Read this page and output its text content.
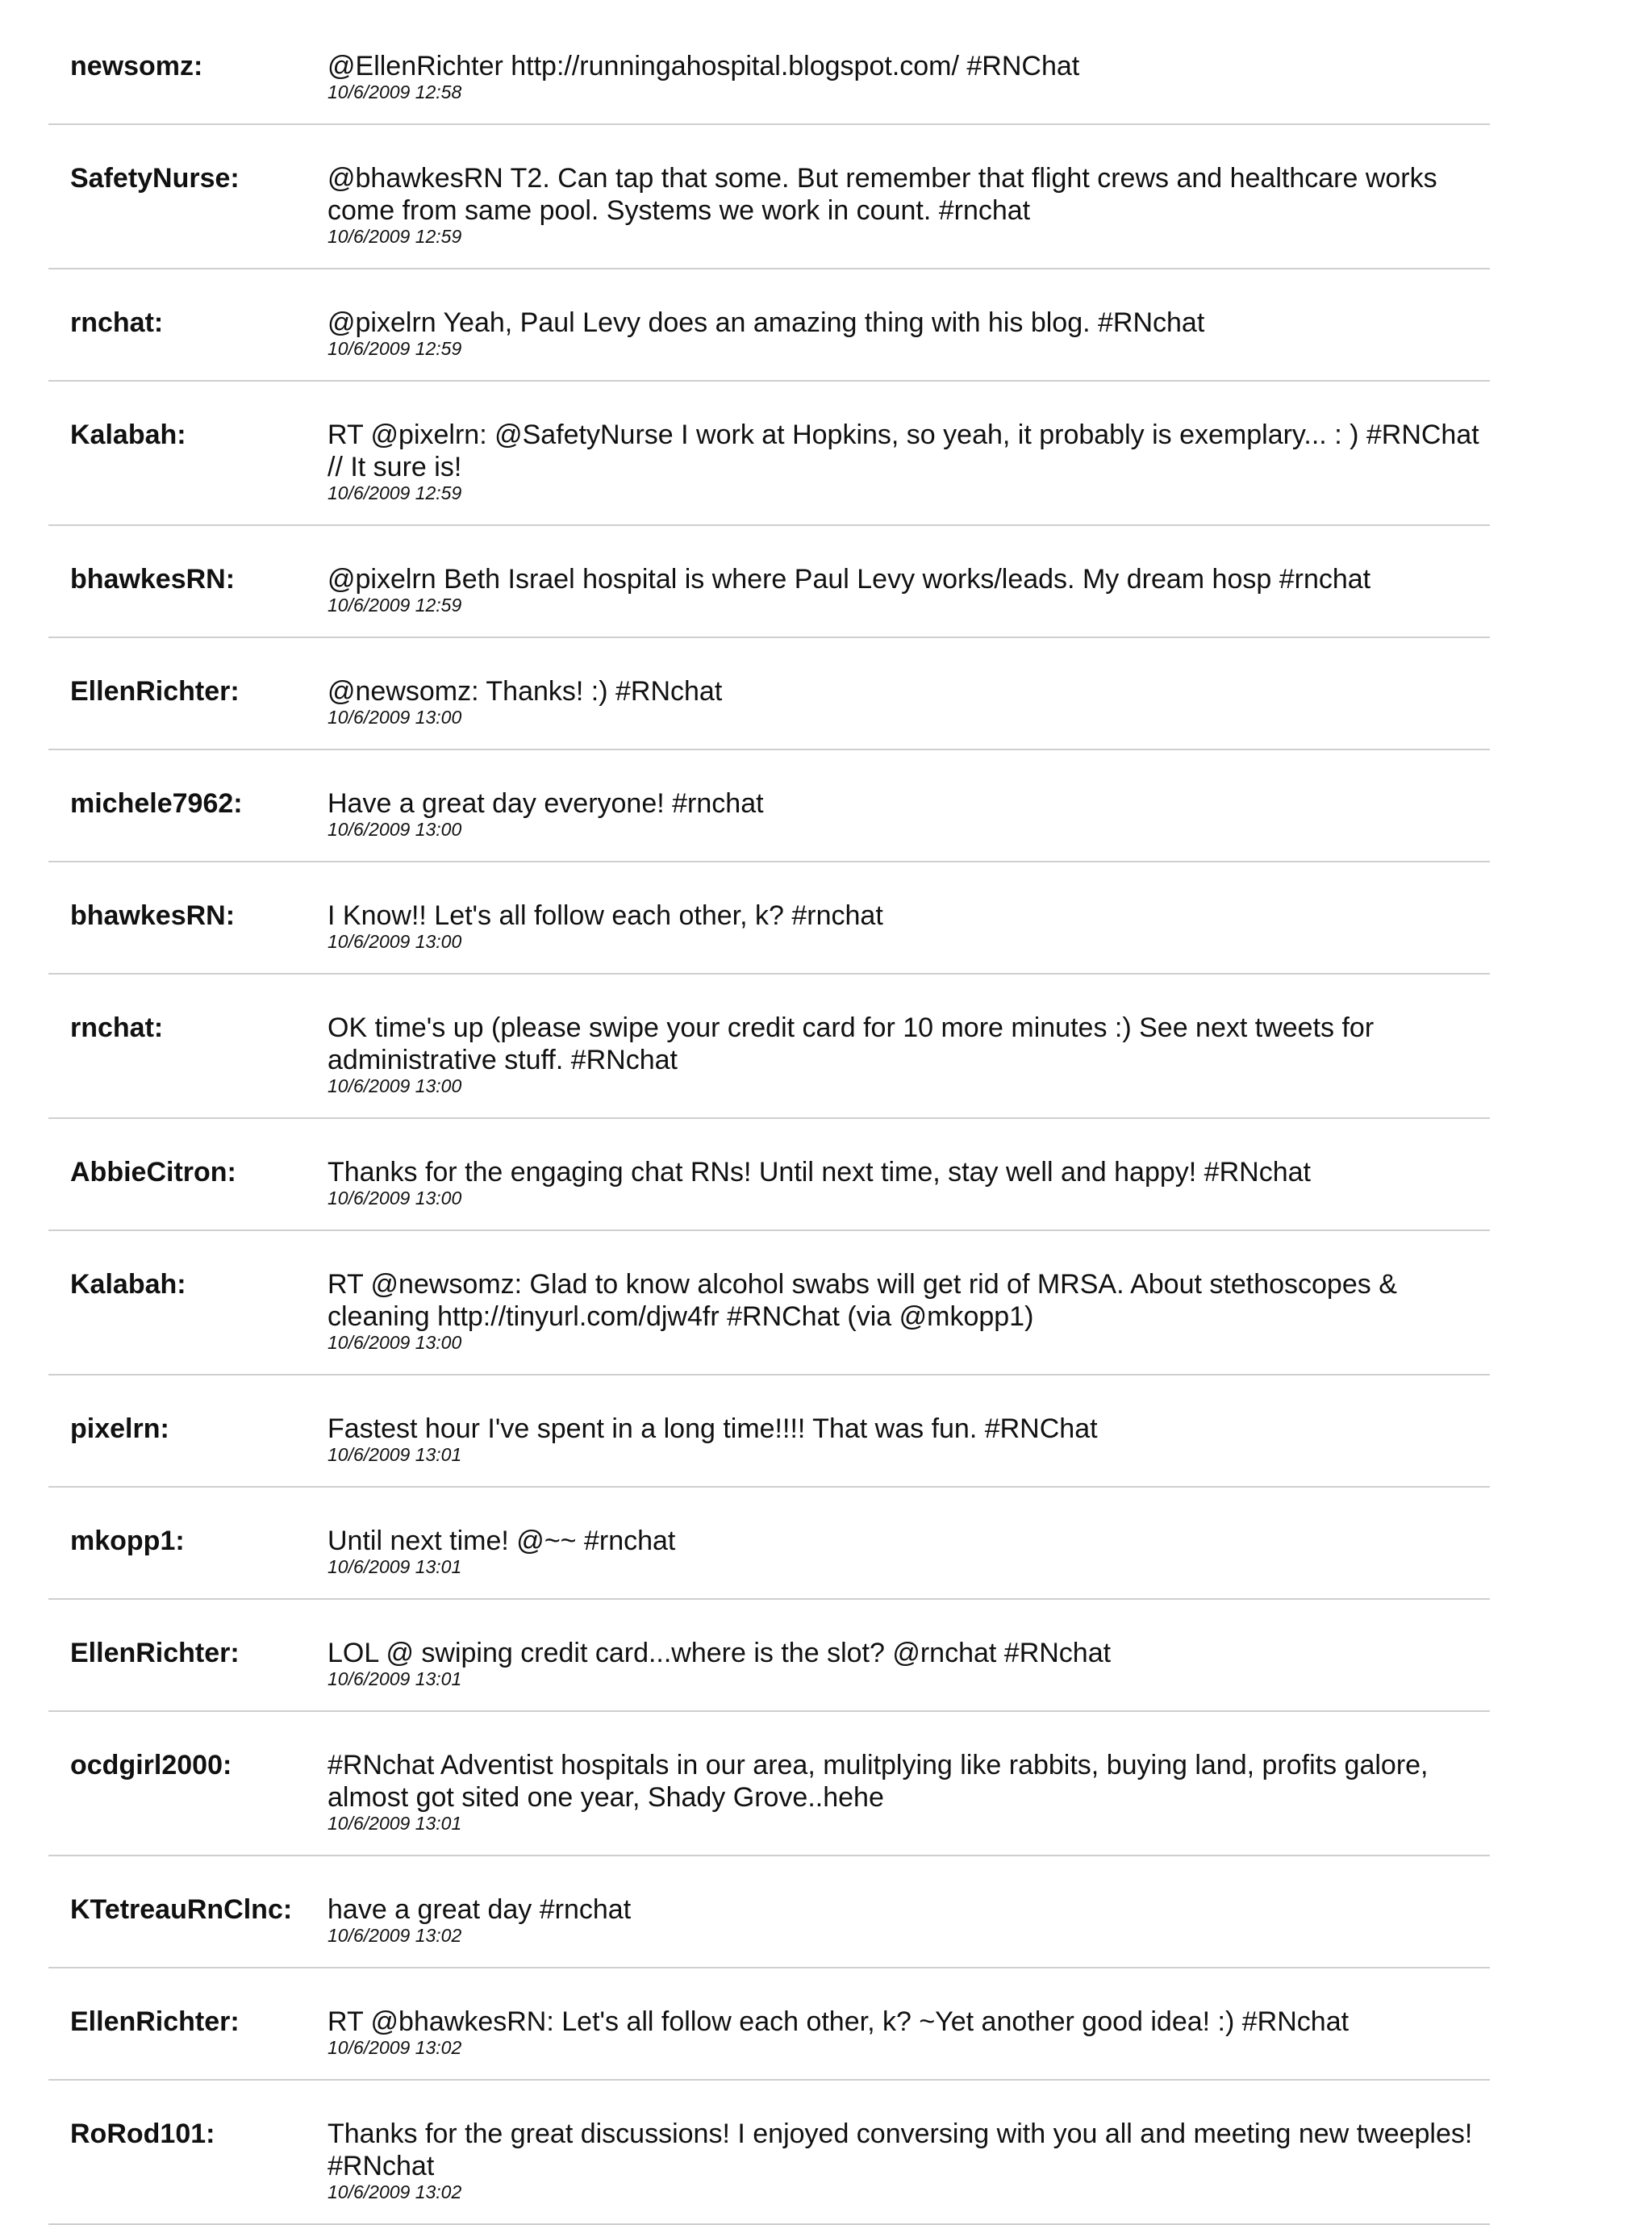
newsomz:	@EllenRichter http://runningahospital.blogspot.com/ #RNChat
10/6/2009 12:58
SafetyNurse:	@bhawkesRN T2. Can tap that some. But remember that flight crews and healthcare works come from same pool. Systems we work in count. #rnchat
10/6/2009 12:59
rnchat:	@pixelrn Yeah, Paul Levy does an amazing thing with his blog. #RNchat
10/6/2009 12:59
Kalabah:	RT @pixelrn: @SafetyNurse I work at Hopkins, so yeah, it probably is exemplary... : ) #RNChat // It sure is!
10/6/2009 12:59
bhawkesRN:	@pixelrn Beth Israel hospital is where Paul Levy works/leads. My dream hosp #rnchat
10/6/2009 12:59
EllenRichter:	@newsomz: Thanks! :) #RNchat
10/6/2009 13:00
michele7962:	Have a great day everyone! #rnchat
10/6/2009 13:00
bhawkesRN:	I Know!! Let's all follow each other, k? #rnchat
10/6/2009 13:00
rnchat:	OK time's up (please swipe your credit card for 10 more minutes :) See next tweets for administrative stuff. #RNchat
10/6/2009 13:00
AbbieCitron:	Thanks for the engaging chat RNs! Until next time, stay well and happy! #RNchat
10/6/2009 13:00
Kalabah:	RT @newsomz: Glad to know alcohol swabs will get rid of MRSA. About stethoscopes & cleaning http://tinyurl.com/djw4fr #RNChat (via @mkopp1)
10/6/2009 13:00
pixelrn:	Fastest hour I've spent in a long time!!!! That was fun. #RNChat
10/6/2009 13:01
mkopp1:	Until next time! @~~ #rnchat
10/6/2009 13:01
EllenRichter:	LOL @ swiping credit card...where is the slot? @rnchat #RNchat
10/6/2009 13:01
ocdgirl2000:	#RNchat Adventist hospitals in our area, mulitplying like rabbits, buying land, profits galore, almost got sited one year, Shady Grove..hehe
10/6/2009 13:01
KTetreauRnClnc:	have a great day #rnchat
10/6/2009 13:02
EllenRichter:	RT @bhawkesRN: Let's all follow each other, k? ~Yet another good idea! :) #RNchat
10/6/2009 13:02
RoRod101:	Thanks for the great discussions! I enjoyed conversing with you all and meeting new tweeples! #RNchat
10/6/2009 13:02
